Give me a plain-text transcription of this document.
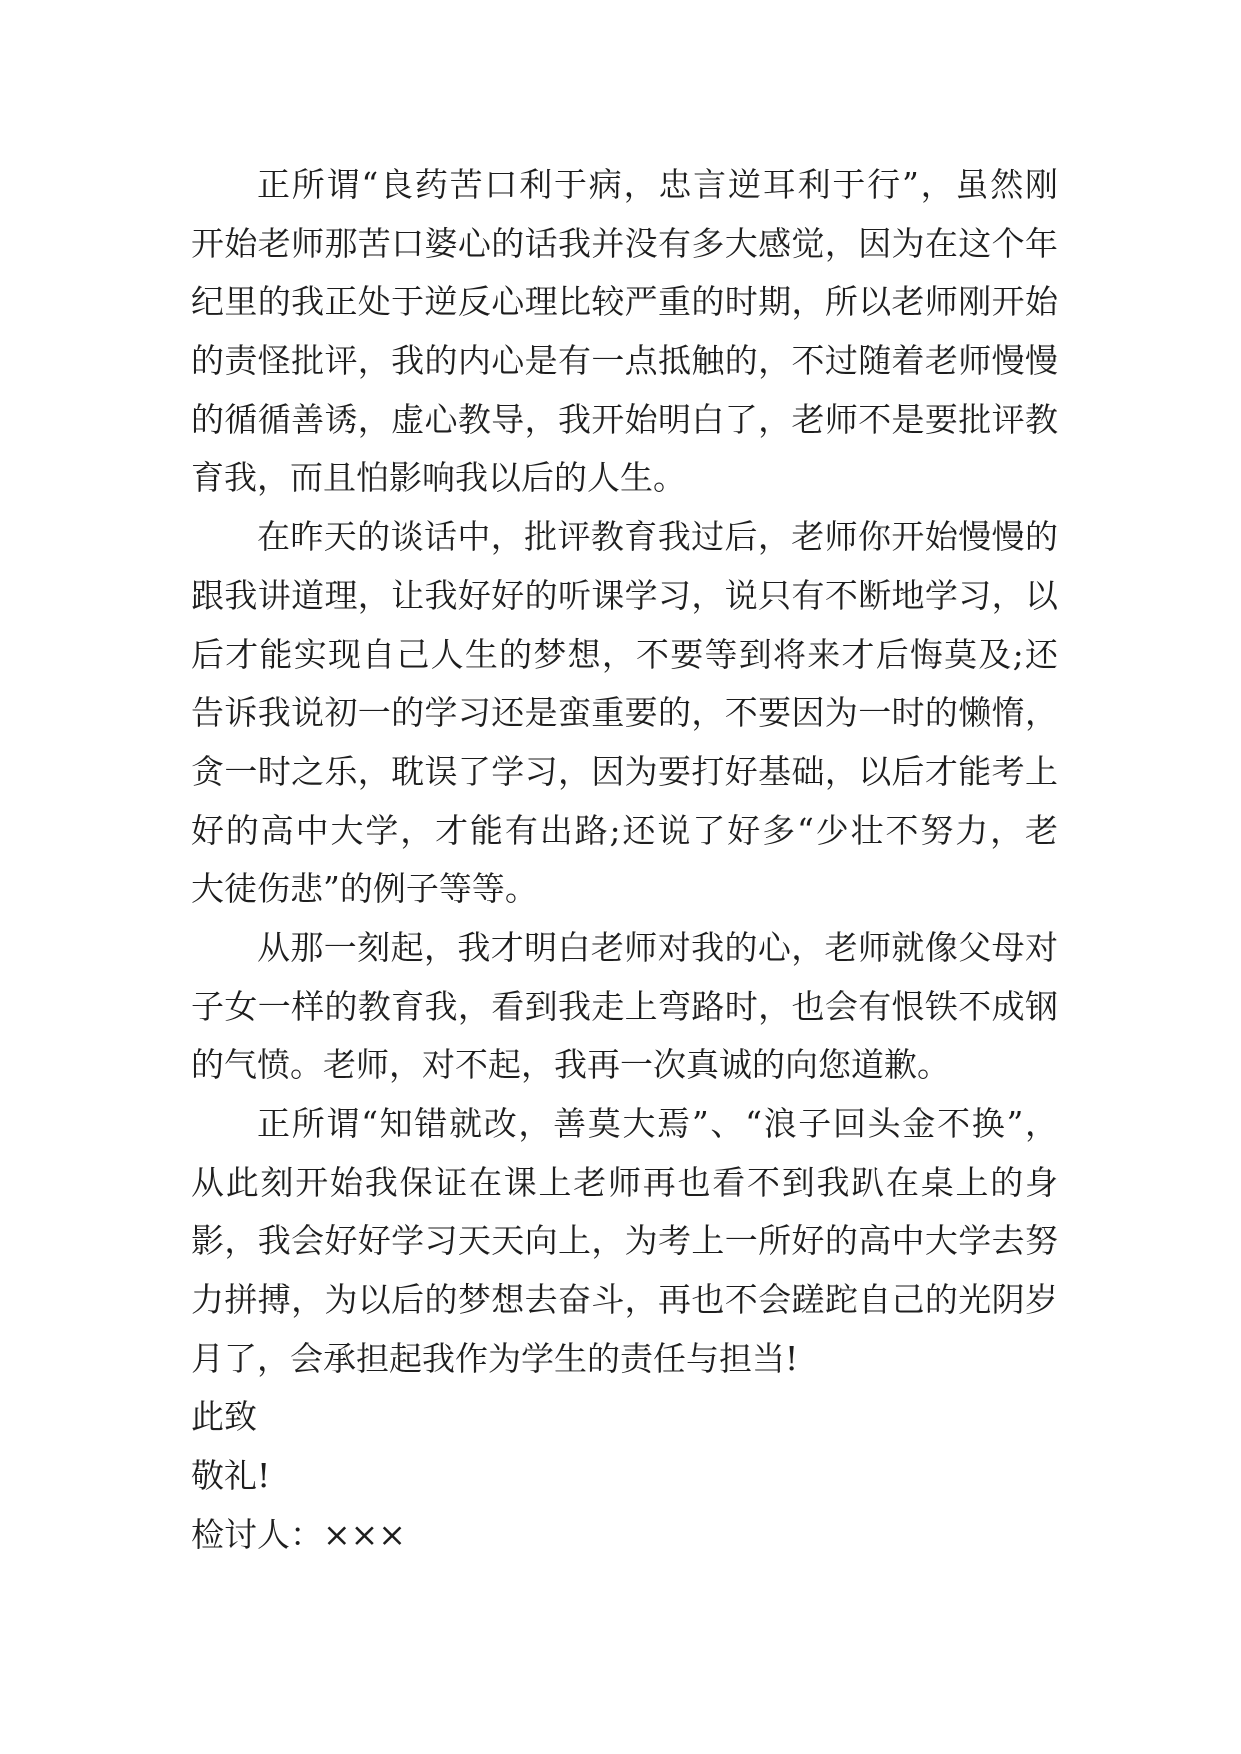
正所谓“良药苦口利于病，忠言逆耳利于行”，虽然刚
开始老师那苦口婆心的话我并没有多大感觉，因为在这个年
纪里的我正处于逆反心理比较严重的时期，所以老师刚开始
的责怪批评，我的内心是有一点抵触的，不过随着老师慢慢
的循循善诱，虚心教导，我开始明白了，老师不是要批评教
育我，而且怕影响我以后的人生。
在昨天的谈话中，批评教育我过后，老师你开始慢慢的
跟我讲道理，让我好好的听课学习，说只有不断地学习，以
后才能实现自己人生的梦想，不要等到将来才后悔莫及;还
告诉我说初一的学习还是蛮重要的，不要因为一时的懒惰，
贪一时之乐，耽误了学习，因为要打好基础，以后才能考上
好的高中大学，才能有出路;还说了好多“少壮不努力，老
大徒伤悲”的例子等等。
从那一刻起，我才明白老师对我的心，老师就像父母对
子女一样的教育我，看到我走上弯路时，也会有恨铁不成钢
的气愤。老师，对不起，我再一次真诚的向您道歉。
正所谓“知错就改，善莫大焉”、“浪子回头金不换”，
从此刻开始我保证在课上老师再也看不到我趴在桌上的身
影，我会好好学习天天向上，为考上一所好的高中大学去努
力拼搏，为以后的梦想去奋斗，再也不会蹉跎自己的光阴岁
月了，会承担起我作为学生的责任与担当!
此致
敬礼!
检讨人：×××
